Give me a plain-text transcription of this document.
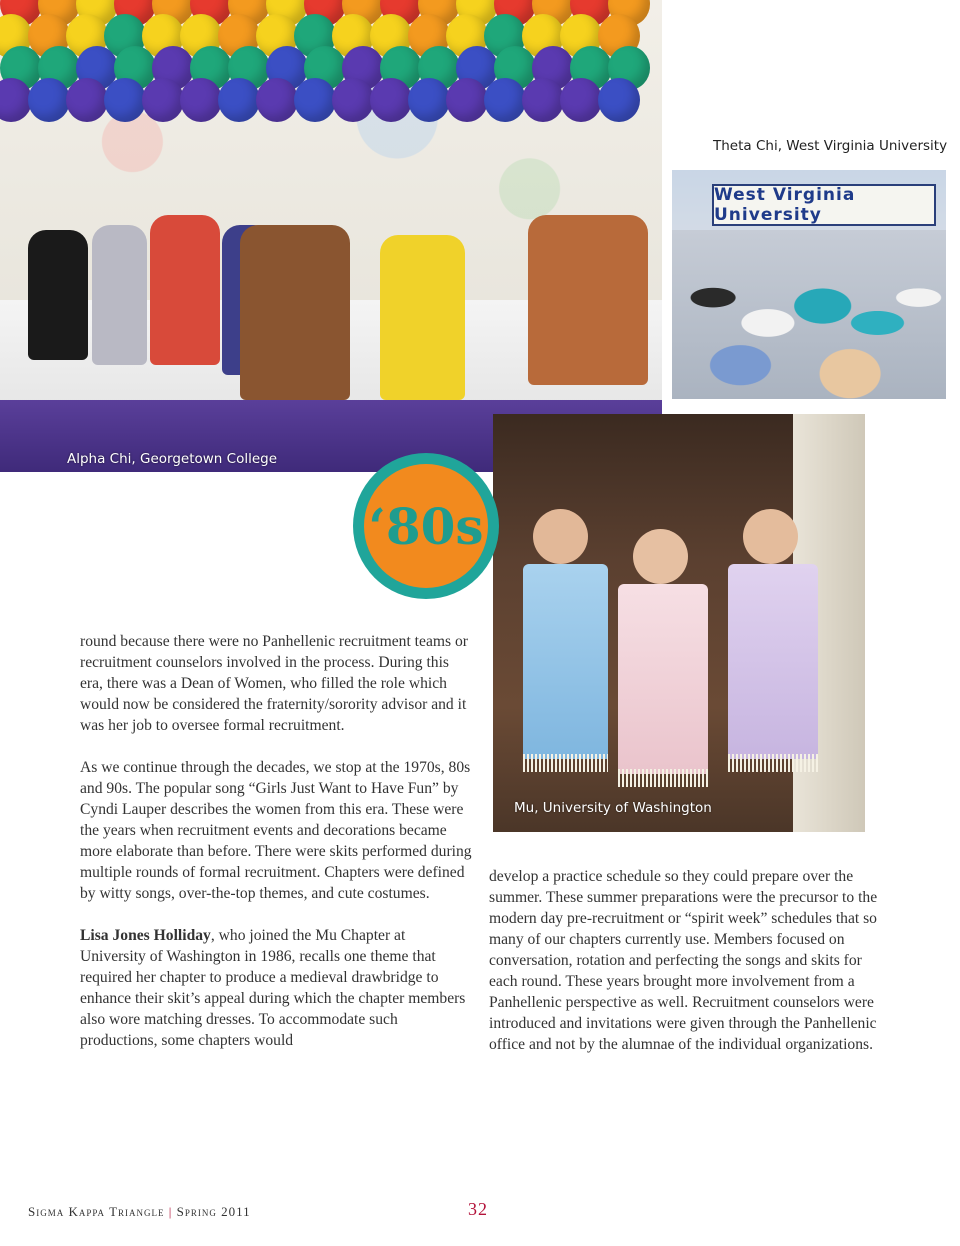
Alpha Chi, Georgetown College
Theta Chi, West Virginia University
West Virginia University
Mu, University of Washington
‘80s

round because there were no Panhellenic recruitment teams or recruitment counselors involved in the process. During this era, there was a Dean of Women, who filled the role which would now be considered the fraternity/sorority advisor and it was her job to oversee formal recruitment.

As we continue through the decades, we stop at the 1970s, 80s and 90s. The popular song “Girls Just Want to Have Fun” by Cyndi Lauper describes the women from this era. These were the years when recruitment events and decorations became more elaborate than before. There were skits performed during multiple rounds of formal recruitment. Chapters were defined by witty songs, over-the-top themes, and cute costumes.

Lisa Jones Holliday, who joined the Mu Chapter at University of Washington in 1986, recalls one theme that required her chapter to produce a medieval drawbridge to enhance their skit’s appeal during which the chapter members also wore matching dresses. To accommodate such productions, some chapters would

develop a practice schedule so they could prepare over the summer. These summer preparations were the precursor to the modern day pre-recruitment or “spirit week” schedules that so many of our chapters currently use. Members focused on conversation, rotation and perfecting the songs and skits for each round. These years brought more involvement from a Panhellenic perspective as well. Recruitment counselors were introduced and invitations were given through the Panhellenic office and not by the alumnae of the individual organizations.

Sigma Kappa Triangle | Spring 2011	32
